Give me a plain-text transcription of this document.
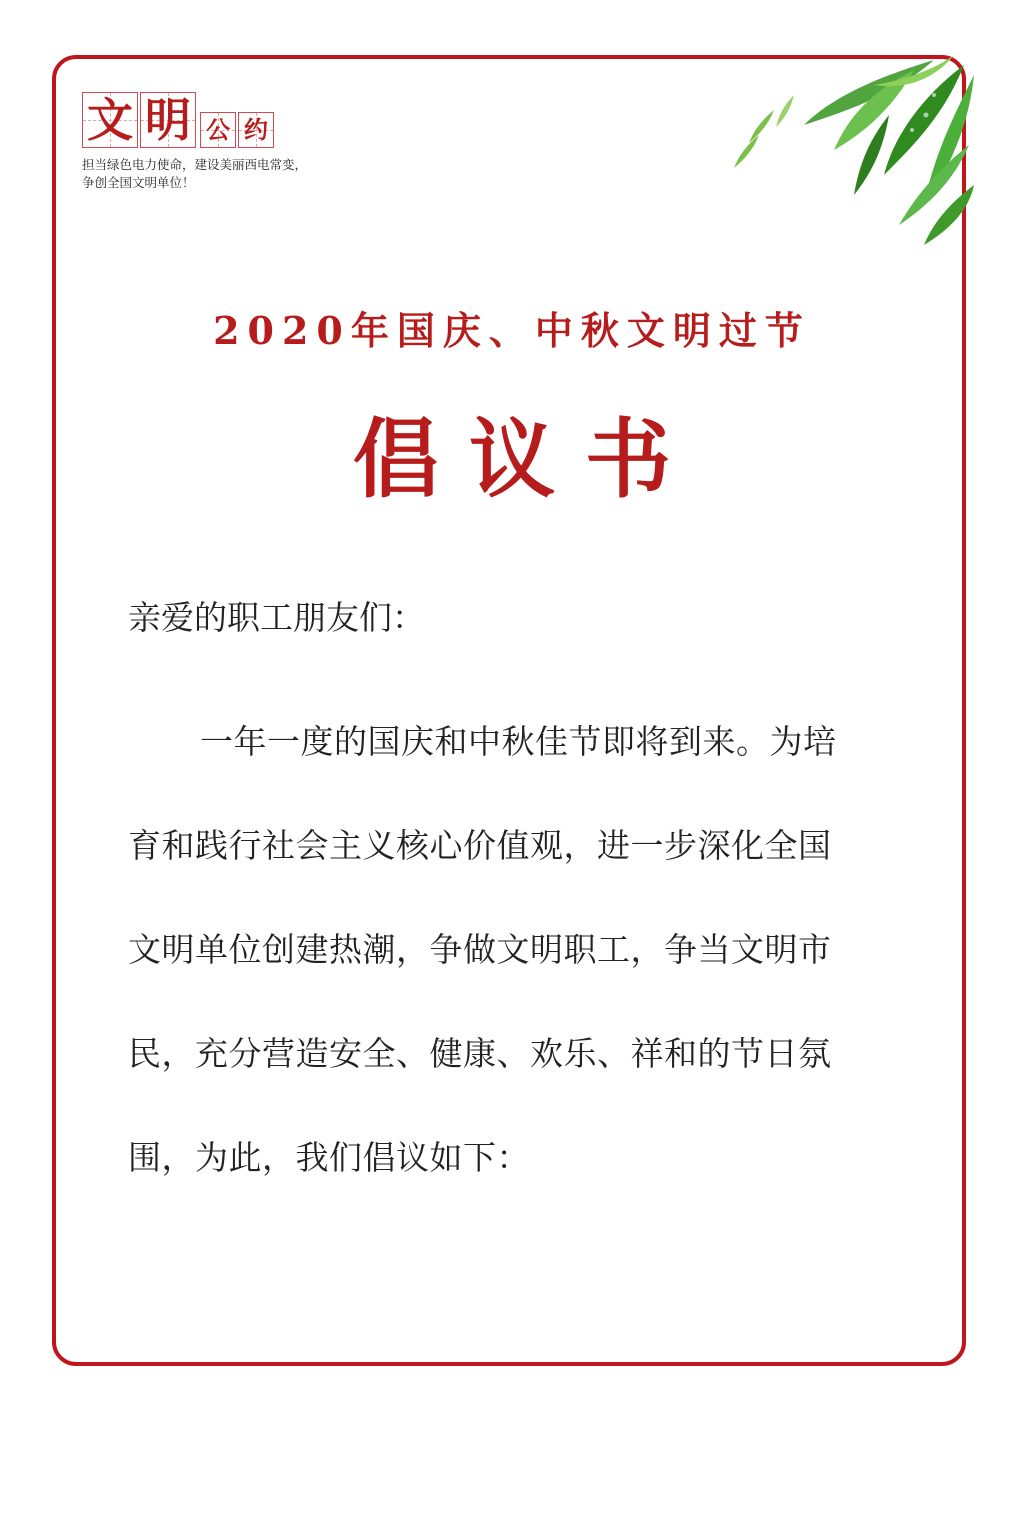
文 明 公 约
担当绿色电力使命，建设美丽西电常变，
争创全国文明单位！
2020年国庆、中秋文明过节
倡议书
亲爱的职工朋友们：
一年一度的国庆和中秋佳节即将到来。为培
育和践行社会主义核心价值观，进一步深化全国
文明单位创建热潮，争做文明职工，争当文明市
民，充分营造安全、健康、欢乐、祥和的节日氛
围，为此，我们倡议如下：
